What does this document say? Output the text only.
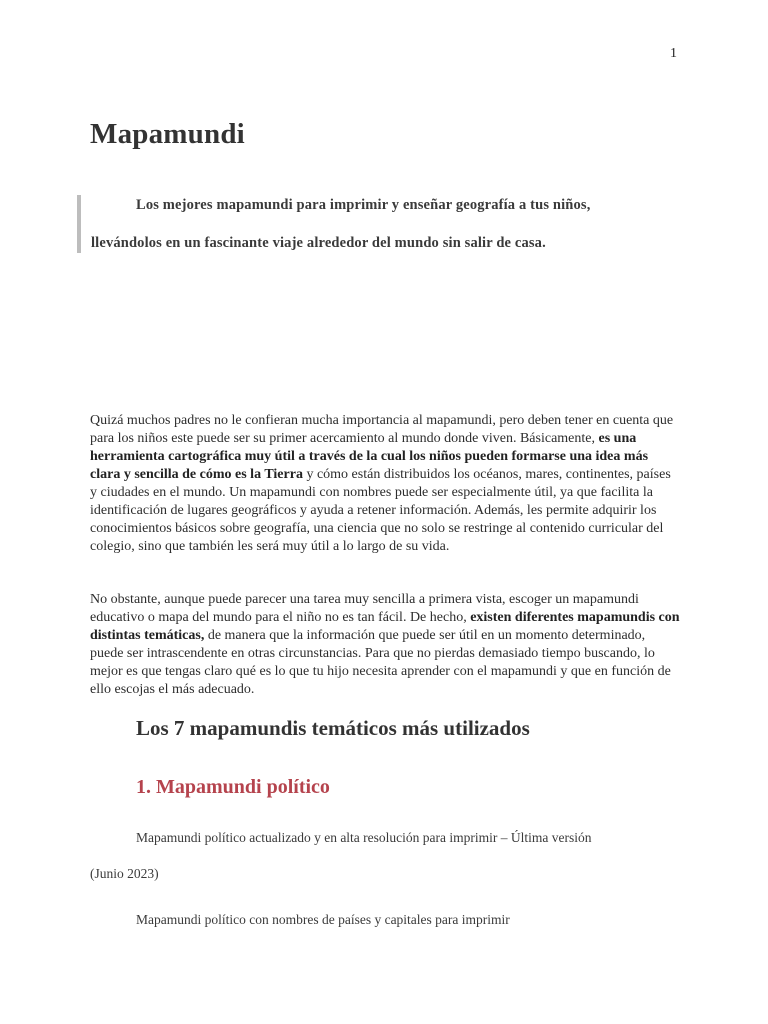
1
Mapamundi
Los mejores mapamundi para imprimir y enseñar geografía a tus niños,
llevándolos en un fascinante viaje alrededor del mundo sin salir de casa.

Quizá muchos padres no le confieran mucha importancia al mapamundi, pero deben tener en cuenta que para los niños este puede ser su primer acercamiento al mundo donde viven. Básicamente, es una herramienta cartográfica muy útil a través de la cual los niños pueden formarse una idea más clara y sencilla de cómo es la Tierra y cómo están distribuidos los océanos, mares, continentes, países y ciudades en el mundo. Un mapamundi con nombres puede ser especialmente útil, ya que facilita la identificación de lugares geográficos y ayuda a retener información. Además, les permite adquirir los conocimientos básicos sobre geografía, una ciencia que no solo se restringe al contenido curricular del colegio, sino que también les será muy útil a lo largo de su vida.

No obstante, aunque puede parecer una tarea muy sencilla a primera vista, escoger un mapamundi educativo o mapa del mundo para el niño no es tan fácil. De hecho, existen diferentes mapamundis con distintas temáticas, de manera que la información que puede ser útil en un momento determinado, puede ser intrascendente en otras circunstancias. Para que no pierdas demasiado tiempo buscando, lo mejor es que tengas claro qué es lo que tu hijo necesita aprender con el mapamundi y que en función de ello escojas el más adecuado.

Los 7 mapamundis temáticos más utilizados
1. Mapamundi político
Mapamundi político actualizado y en alta resolución para imprimir – Última versión
(Junio 2023)
Mapamundi político con nombres de países y capitales para imprimir
